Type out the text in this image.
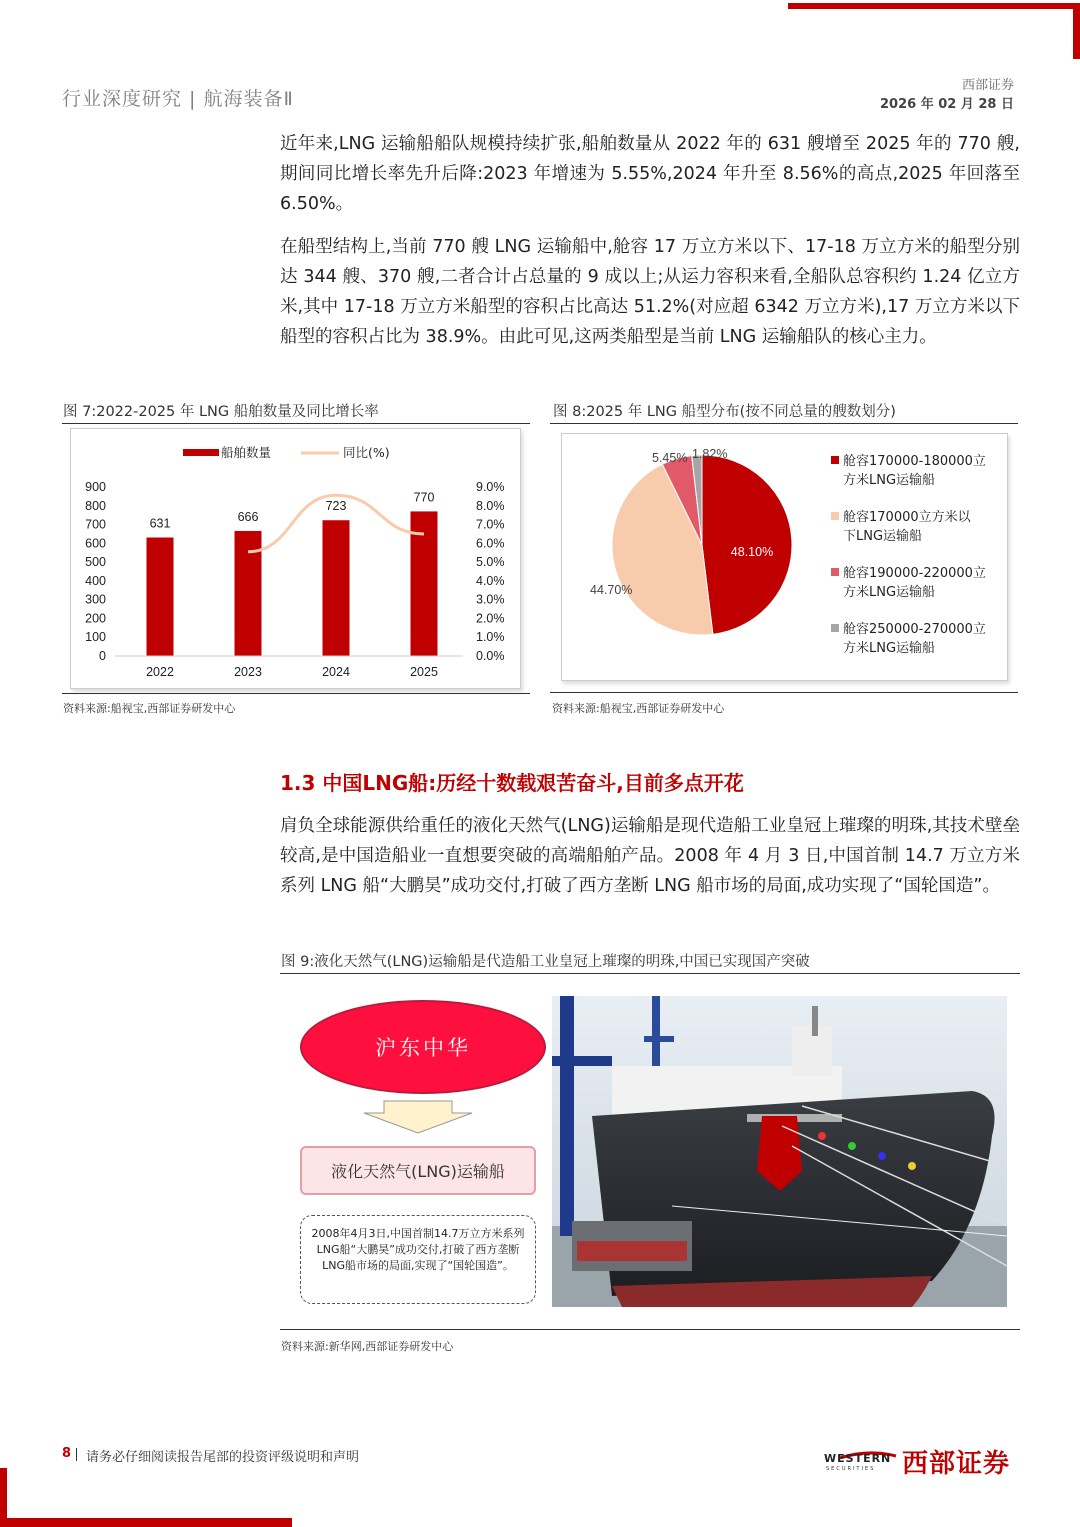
行业深度研究 | 航海装备Ⅱ
西部证券
2026 年 02 月 28 日
近年来,LNG 运输船船队规模持续扩张,船舶数量从 2022 年的 631 艘增至 2025 年的 770 艘,期间同比增长率先升后降:2023 年增速为 5.55%,2024 年升至 8.56%的高点,2025 年回落至 6.50%。
在船型结构上,当前 770 艘 LNG 运输船中,舱容 17 万立方米以下、17-18 万立方米的船型分别达 344 艘、370 艘,二者合计占总量的 9 成以上;从运力容积来看,全船队总容积约 1.24 亿立方米,其中 17-18 万立方米船型的容积占比高达 51.2%(对应超 6342 万立方米),17 万立方米以下船型的容积占比为 38.9%。由此可见,这两类船型是当前 LNG 运输船队的核心主力。
图 7:2022-2025 年 LNG 船舶数量及同比增长率
船舶数量	同比(%)
900
800
700
600
500
400
300
200
100
0
9.0%
8.0%
7.0%
6.0%
5.0%
4.0%
3.0%
2.0%
1.0%
0.0%
631
2022
666
2023
723
2024
770
2025
资料来源:船视宝,西部证券研发中心
图 8:2025 年 LNG 船型分布(按不同总量的艘数划分)
48.10%
44.70%
5.45% 1.82%	舱容170000-180000立
方米LNG运输船
舱容170000立方米以
下LNG运输船
舱容190000-220000立
方米LNG运输船
舱容250000-270000立
方米LNG运输船
资料来源:船视宝,西部证券研发中心
1.3 中国LNG船:历经十数载艰苦奋斗,目前多点开花
肩负全球能源供给重任的液化天然气(LNG)运输船是现代造船工业皇冠上璀璨的明珠,其技术壁垒较高,是中国造船业一直想要突破的高端船舶产品。2008 年 4 月 3 日,中国首制 14.7 万立方米系列 LNG 船“大鹏昊”成功交付,打破了西方垄断 LNG 船市场的局面,成功实现了“国轮国造”。
图 9:液化天然气(LNG)运输船是代造船工业皇冠上璀璨的明珠,中国已实现国产突破
沪东中华
液化天然气(LNG)运输船
2008年4月3日,中国首制14.7万立方米系列LNG船“大鹏昊”成功交付,打破了西方垄断LNG船市场的局面,实现了“国轮国造”。
资料来源:新华网,西部证券研发中心
8 请务必仔细阅读报告尾部的投资评级说明和声明	WESTERN
SECURITIES 西部证券
